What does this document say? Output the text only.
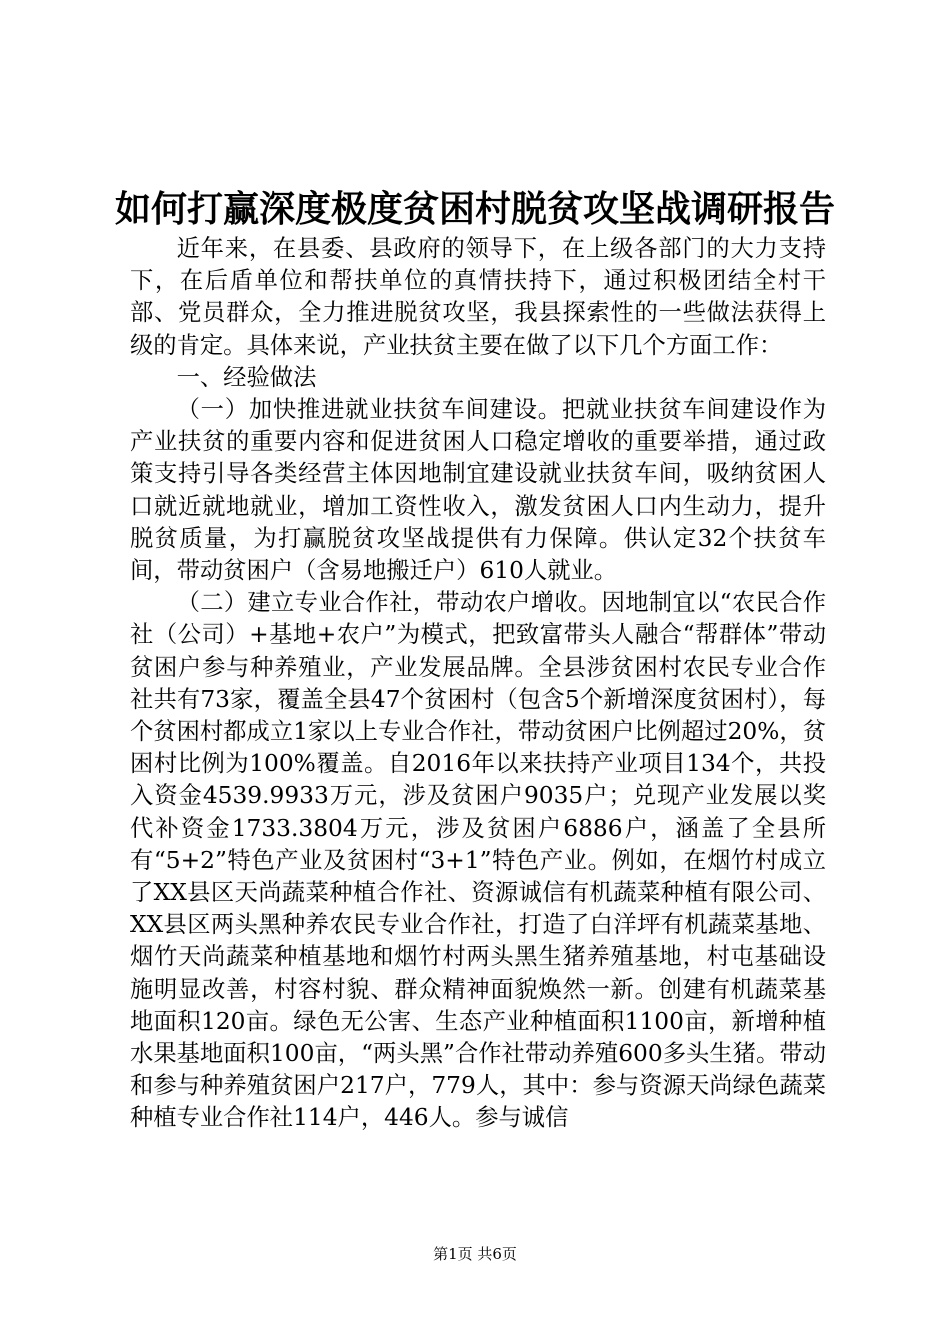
如何打赢深度极度贫困村脱贫攻坚战调研报告

近年来，在县委、县政府的领导下，在上级各部门的大力支持下，在后盾单位和帮扶单位的真情扶持下，通过积极团结全村干部、党员群众，全力推进脱贫攻坚，我县探索性的一些做法获得上级的肯定。具体来说，产业扶贫主要在做了以下几个方面工作：

一、经验做法

（一）加快推进就业扶贫车间建设。把就业扶贫车间建设作为产业扶贫的重要内容和促进贫困人口稳定增收的重要举措，通过政策支持引导各类经营主体因地制宜建设就业扶贫车间，吸纳贫困人口就近就地就业，增加工资性收入，激发贫困人口内生动力，提升脱贫质量，为打赢脱贫攻坚战提供有力保障。供认定32个扶贫车间，带动贫困户（含易地搬迁户）610人就业。

（二）建立专业合作社，带动农户增收。因地制宜以“农民合作社（公司）+基地+农户”为模式，把致富带头人融合“帮群体”带动贫困户参与种养殖业，产业发展品牌。全县涉贫困村农民专业合作社共有73家，覆盖全县47个贫困村（包含5个新增深度贫困村），每个贫困村都成立1家以上专业合作社，带动贫困户比例超过20%，贫困村比例为100%覆盖。自2016年以来扶持产业项目134个，共投入资金4539.9933万元，涉及贫困户9035户；兑现产业发展以奖代补资金1733.3804万元，涉及贫困户6886户，涵盖了全县所有“5+2”特色产业及贫困村“3+1”特色产业。例如，在烟竹村成立了XX县区天尚蔬菜种植合作社、资源诚信有机蔬菜种植有限公司、XX县区两头黑种养农民专业合作社，打造了白洋坪有机蔬菜基地、烟竹天尚蔬菜种植基地和烟竹村两头黑生猪养殖基地，村屯基础设施明显改善，村容村貌、群众精神面貌焕然一新。创建有机蔬菜基地面积120亩。绿色无公害、生态产业种植面积1100亩，新增种植水果基地面积100亩，“两头黑”合作社带动养殖600多头生猪。带动和参与种养殖贫困户217户，779人，其中：参与资源天尚绿色蔬菜种植专业合作社114户，446人。参与诚信

第1页 共6页
